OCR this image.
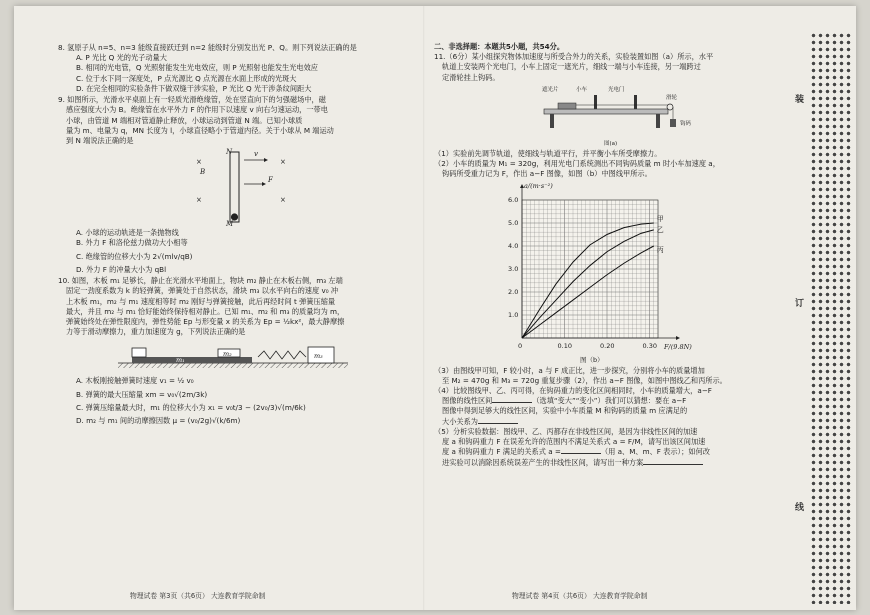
8. 氢原子从 n=5、n=3 能级直接跃迁到 n=2 能级时分别发出光 P、Q。则下列说法正确的是

A. P 光比 Q 光的光子动量大

B. 相同的光电管，Q 光照射能发生光电效应，则 P 光照射也能发生光电效应

C. 位于水下同一深度处，P 点光源比 Q 点光源在水面上形成的光斑大

D. 在完全相同的实验条件下做双缝干涉实验，P 光比 Q 光干涉条纹间距大

9. 如图所示，光滑水平桌面上有一轻质光滑绝缘管，处在竖直向下的匀强磁场中，磁

感应强度大小为 B。绝缘管在水平外力 F 的作用下以速度 v 向右匀速运动，一带电

小球，由管道 M 端相对管道静止释放，小球运动到管道 N 端。已知小球质

量为 m、电量为 q，MN 长度为 l，小球直径略小于管道内径。关于小球从 M 端运动

到 N 端说法正确的是

×	×
×	×
B
N
M
v
F

A. 小球的运动轨迹是一条抛物线

B. 外力 F 和洛伦兹力做功大小相等

C. 绝缘管的位移大小为 2√(mlv/qB)

D. 外力 F 的冲量大小为 qBl

10. 如图，木板 m₁ 足够长，静止在光滑水平地面上，物块 m₂ 静止在木板右侧，m₃ 左端

固定一劲度系数为 k 的轻弹簧，弹簧处于自然状态，滑块 m₃ 以水平向右的速度 v₀ 冲

上木板 m₁，m₂ 与 m₁ 速度相等时 m₂ 刚好与弹簧接触，此后再经时间 t 弹簧压缩量

最大，并且 m₂ 与 m₁ 恰好能始终保持相对静止。已知 m₁、m₂ 和 m₃ 的质量均为 m，

弹簧始终处在弹性限度内，弹性势能 Ep 与形变量 x 的关系为 Ep = ½kx²，最大静摩擦

力等于滑动摩擦力，重力加速度为 g，下列说法正确的是

m₁
m₂	m₃

A. 木板刚接触弹簧时速度 v₁ = ½ v₀

B. 弹簧的最大压缩量 xm = v₀√(2m/3k)

C. 弹簧压缩量最大时，m₁ 的位移大小为 x₁ = v₀t/3 − (2v₀/3)√(m/6k)

D. m₂ 与 m₁ 间的动摩擦因数 μ = (v₀/2g)√(k/6m)

物理试卷 第3页（共6页） 大连教育学院命制

二、非选择题：本题共5小题，共54分。

11.（6分）某小组探究物体加速度与所受合外力的关系，实验装置如图（a）所示，水平

轨道上安装两个光电门，小车上固定一遮光片，细线一端与小车连接，另一端跨过

定滑轮挂上钩码。

遮光片	小车	光电门
滑轮
钩码
图(a)

（1）实验前先调节轨道，使细线与轨道平行，并平衡小车所受摩擦力。

（2）小车的质量为 M₁ = 320g，利用光电门系统测出不同钩码质量 m 时小车加速度 a，

钩码所受重力记为 F，作出 a−F 图像，如图（b）中图线甲所示。

0	0.10	0.20	0.30
1.0
2.0
3.0
4.0
5.0
6.0
F/(9.8N)
a/(m·s⁻²)
图（b）
甲
乙
丙

（3）由图线甲可知，F 较小时，a 与 F 成正比，进一步探究，分别将小车的质量增加

至 M₂ = 470g 和 M₃ = 720g 重复步骤（2），作出 a−F 图像，如图中图线乙和丙所示。

（4）比较图线甲、乙、丙可得，在钩码重力的变化区间相同时，小车的质量增大，a−F

图像的线性区间	（选填“变大”“变小”）我们可以猜想：要在 a−F

图像中得到足够大的线性区间，实验中小车质量 M 和钩码的质量 m 应满足的

大小关系为

（5）分析实验数据：图线甲、乙、丙都存在非线性区间，是因为非线性区间的加速

度 a 和钩码重力 F 在误差允许的范围内不满足关系式 a = F/M，请写出该区间加速

度 a 和钩码重力 F 满足的关系式 a =	（用 a、M、m、F 表示）；如何改

进实验可以消除因系统误差产生的非线性区间，请写出一种方案

物理试卷 第4页（共6页） 大连教育学院命制
装
订
线
